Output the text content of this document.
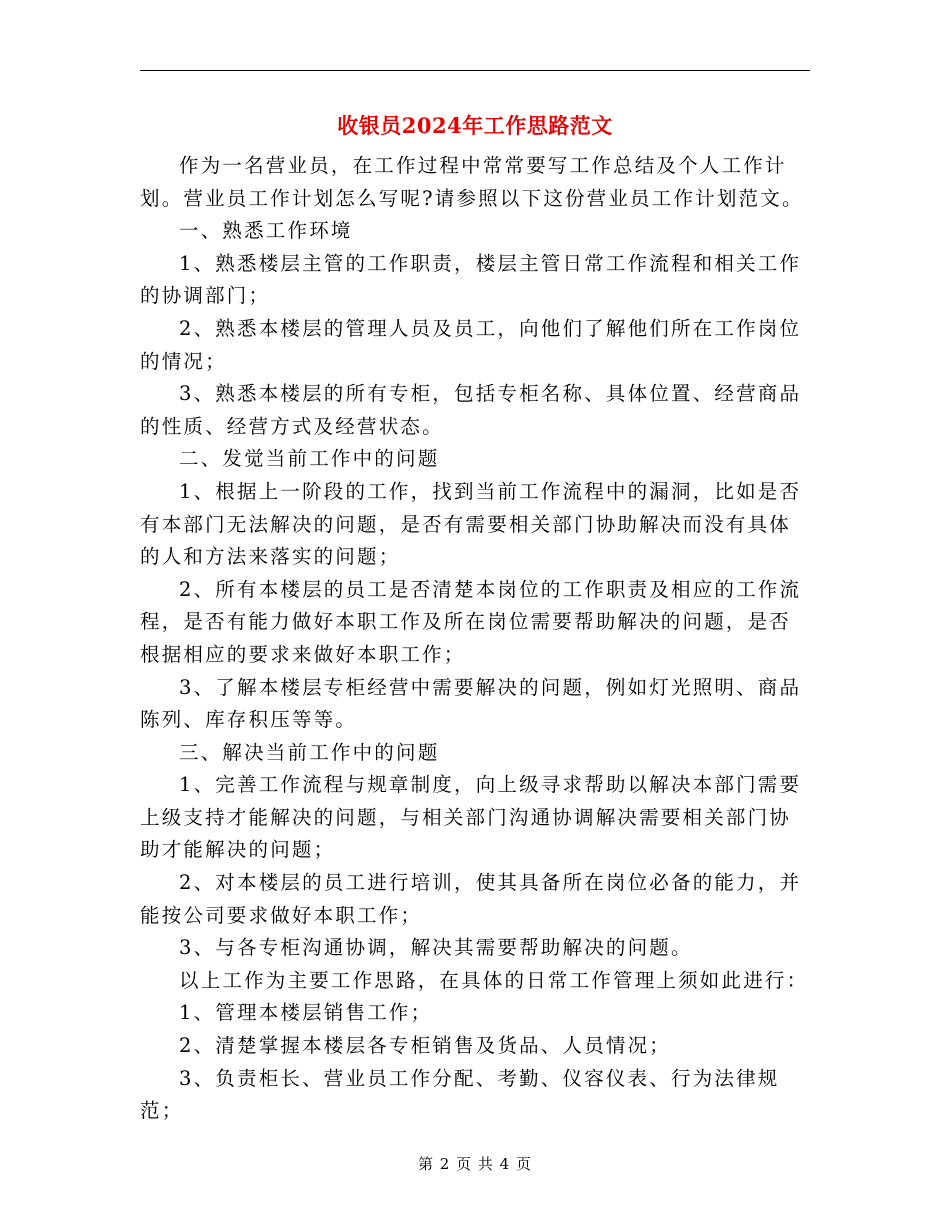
收银员2024年工作思路范文

作为一名营业员，在工作过程中常常要写工作总结及个人工作计划。营业员工作计划怎么写呢?请参照以下这份营业员工作计划范文。

一、熟悉工作环境

1、熟悉楼层主管的工作职责，楼层主管日常工作流程和相关工作的协调部门；

2、熟悉本楼层的管理人员及员工，向他们了解他们所在工作岗位的情况；

3、熟悉本楼层的所有专柜，包括专柜名称、具体位置、经营商品的性质、经营方式及经营状态。

二、发觉当前工作中的问题

1、根据上一阶段的工作，找到当前工作流程中的漏洞，比如是否有本部门无法解决的问题，是否有需要相关部门协助解决而没有具体的人和方法来落实的问题；

2、所有本楼层的员工是否清楚本岗位的工作职责及相应的工作流程，是否有能力做好本职工作及所在岗位需要帮助解决的问题，是否根据相应的要求来做好本职工作；

3、了解本楼层专柜经营中需要解决的问题，例如灯光照明、商品陈列、库存积压等等。

三、解决当前工作中的问题

1、完善工作流程与规章制度，向上级寻求帮助以解决本部门需要上级支持才能解决的问题，与相关部门沟通协调解决需要相关部门协助才能解决的问题；

2、对本楼层的员工进行培训，使其具备所在岗位必备的能力，并能按公司要求做好本职工作；

3、与各专柜沟通协调，解决其需要帮助解决的问题。

以上工作为主要工作思路，在具体的日常工作管理上须如此进行：

1、管理本楼层销售工作；

2、清楚掌握本楼层各专柜销售及货品、人员情况；

3、负责柜长、营业员工作分配、考勤、仪容仪表、行为法律规范；

第 2 页 共 4 页
